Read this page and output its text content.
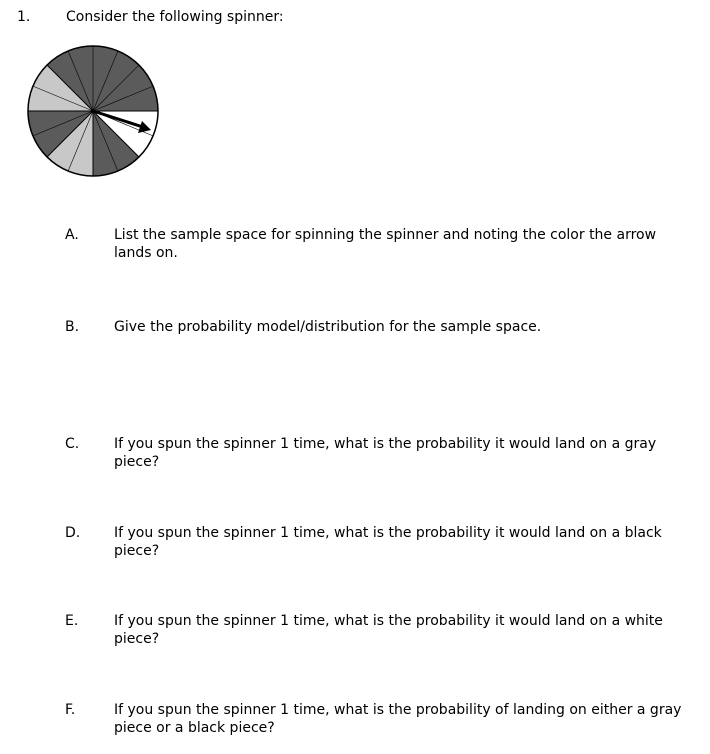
1.	Consider the following spinner:
A.	List the sample space for spinning the spinner and noting the color the arrow lands on.
B. Give the probability model/distribution for the sample space.
C. If you spun the spinner 1 time, what is the probability it would land on a gray piece?
D. If you spun the spinner 1 time, what is the probability it would land on a black piece?
E.	If you spun the spinner 1 time, what is the probability it would land on a white piece?
F.	If you spun the spinner 1 time, what is the probability of landing on either a gray piece or a black piece?
